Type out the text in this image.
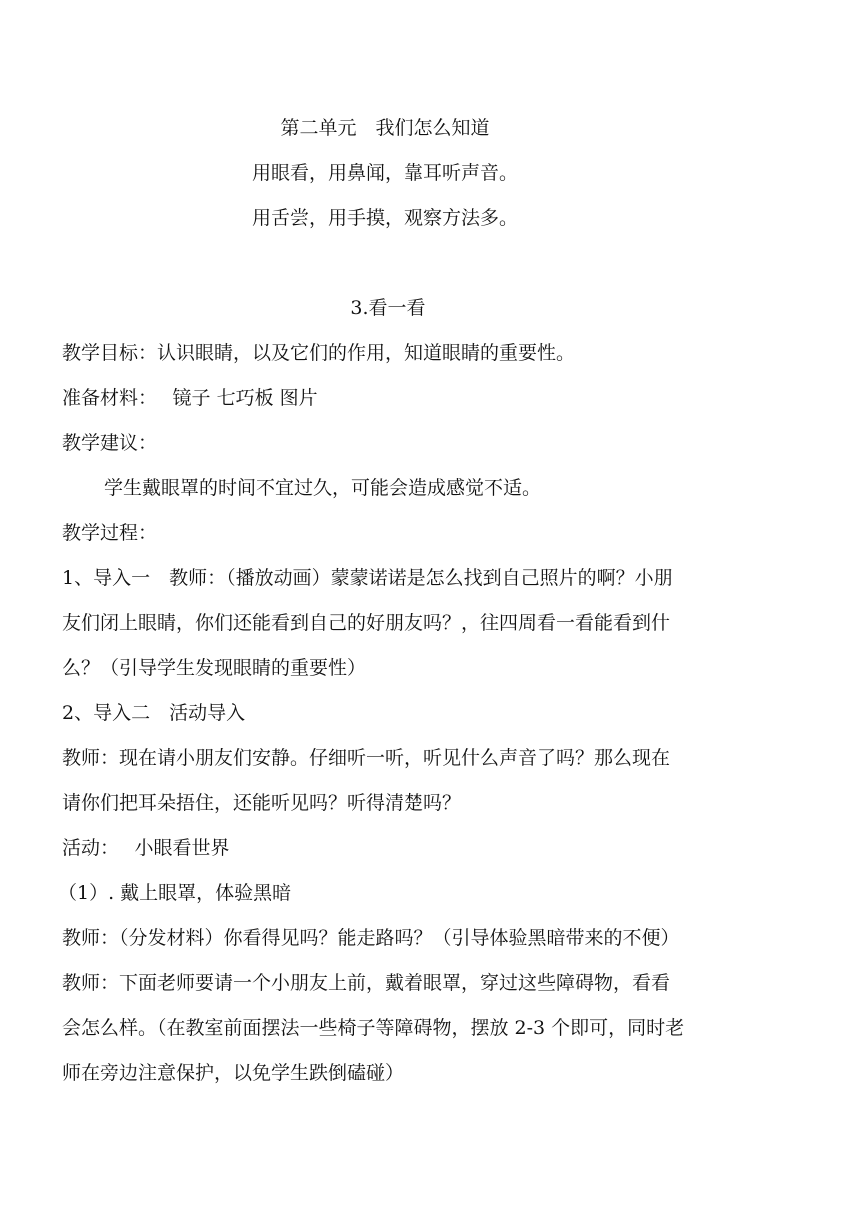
第二单元　我们怎么知道
用眼看，用鼻闻，靠耳听声音。
用舌尝，用手摸，观察方法多。
3.看一看
教学目标：认识眼睛，以及它们的作用，知道眼睛的重要性。
准备材料：　 镜子 七巧板 图片
教学建议：
学生戴眼罩的时间不宜过久，可能会造成感觉不适。
教学过程：
1、导入一　教师：（播放动画）蒙蒙诺诺是怎么找到自己照片的啊？小朋
友们闭上眼睛，你们还能看到自己的好朋友吗？，往四周看一看能看到什
么？（引导学生发现眼睛的重要性）
2、导入二　活动导入
教师：现在请小朋友们安静。仔细听一听，听见什么声音了吗？那么现在
请你们把耳朵捂住，还能听见吗？听得清楚吗？
活动：　 小眼看世界
（1）. 戴上眼罩，体验黑暗
教师：（分发材料）你看得见吗？能走路吗？（引导体验黑暗带来的不便）
教师：下面老师要请一个小朋友上前，戴着眼罩，穿过这些障碍物，看看
会怎么样。（在教室前面摆法一些椅子等障碍物，摆放 2-3 个即可，同时老
师在旁边注意保护，以免学生跌倒磕碰）
